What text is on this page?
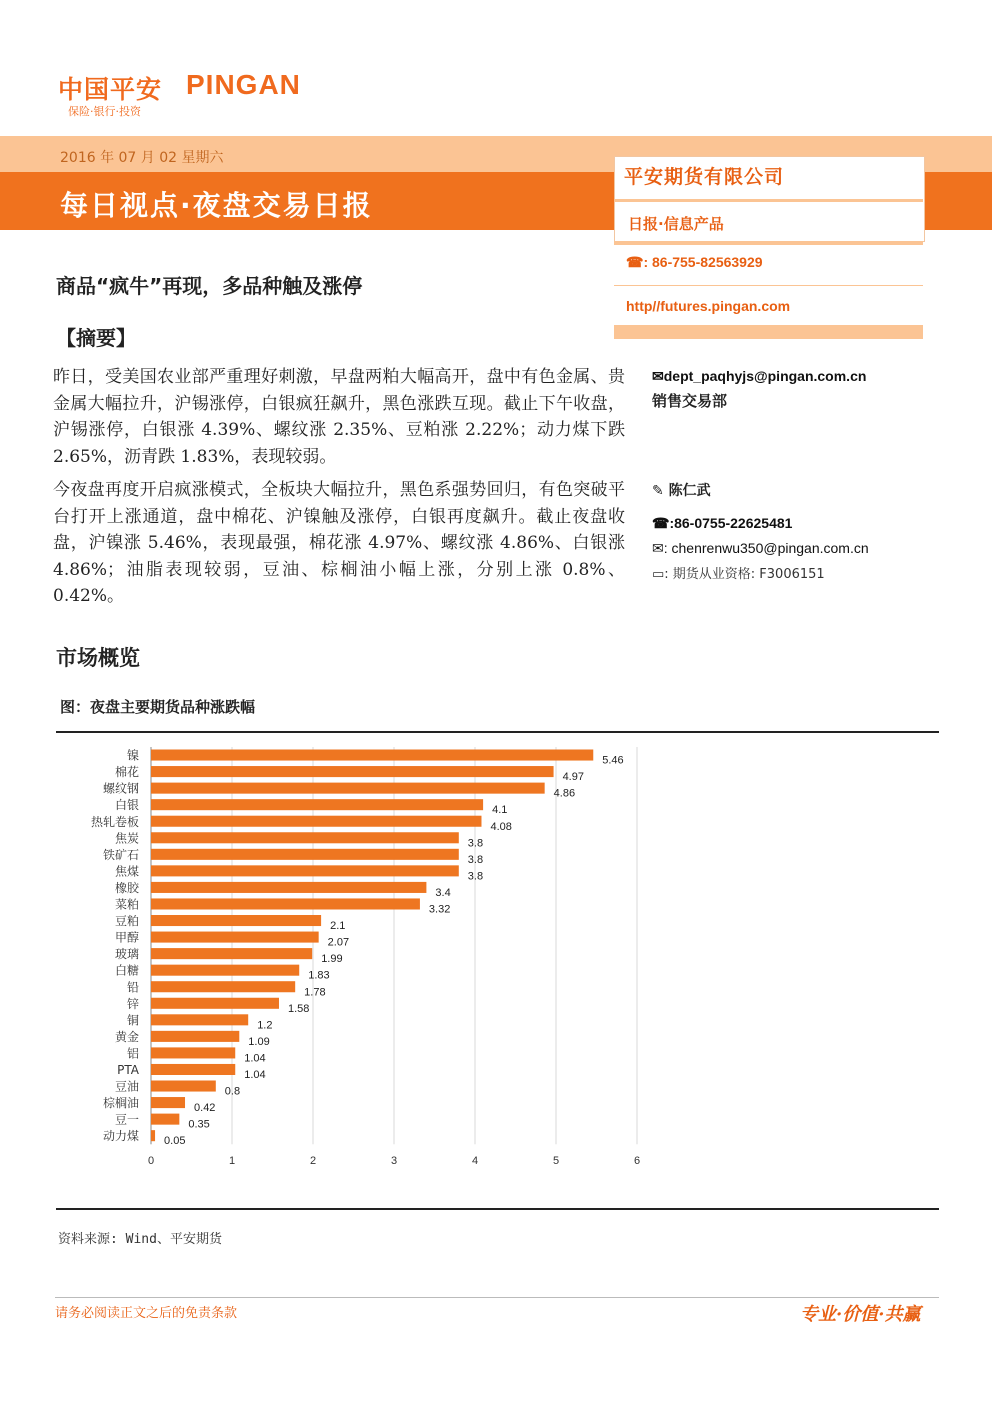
中国平安 PINGAN
保险·银行·投资
2016 年 07 月 02 星期六
每日视点·夜盘交易日报
平安期货有限公司
日报·信息产品
☎: 86-755-82563929
http//futures.pingan.com
商品“疯牛”再现，多品种触及涨停
【摘要】
昨日，受美国农业部严重理好刺激，早盘两粕大幅高开，盘中有色金属、贵金属大幅拉升，沪锡涨停，白银疯狂飙升，黑色涨跌互现。截止下午收盘，沪锡涨停，白银涨 4.39%、螺纹涨 2.35%、豆粕涨 2.22%；动力煤下跌 2.65%，沥青跌 1.83%，表现较弱。
今夜盘再度开启疯涨模式，全板块大幅拉升，黑色系强势回归，有色突破平台打开上涨通道，盘中棉花、沪镍触及涨停，白银再度飙升。截止夜盘收盘，沪镍涨 5.46%，表现最强，棉花涨 4.97%、螺纹涨 4.86%、白银涨 4.86%；油脂表现较弱，豆油、棕榈油小幅上涨，分别上涨 0.8%、0.42%。
✉dept_paqhyjs@pingan.com.cn
销售交易部
✎ 陈仁武
☎:86-0755-22625481
✉: chenrenwu350@pingan.com.cn
▭: 期货从业资格: F3006151
市场概览
图：夜盘主要期货品种涨跌幅
0	1	2	3	4	5	6
镍	5.46
棉花	4.97
螺纹钢	4.86
白银	4.1
热轧卷板	4.08
焦炭	3.8
铁矿石	3.8
焦煤	3.8
橡胶	3.4
菜粕	3.32
豆粕	2.1
甲醇	2.07
玻璃	1.99
白糖	1.83
铅	1.78
锌	1.58
铜	1.2
黄金	1.09
铝	1.04
PTA	1.04
豆油	0.8
棕榈油	0.42
豆一	0.35
动力煤 0.05
资料来源: Wind、平安期货
请务必阅读正文之后的免责条款	专业·价值·共赢
